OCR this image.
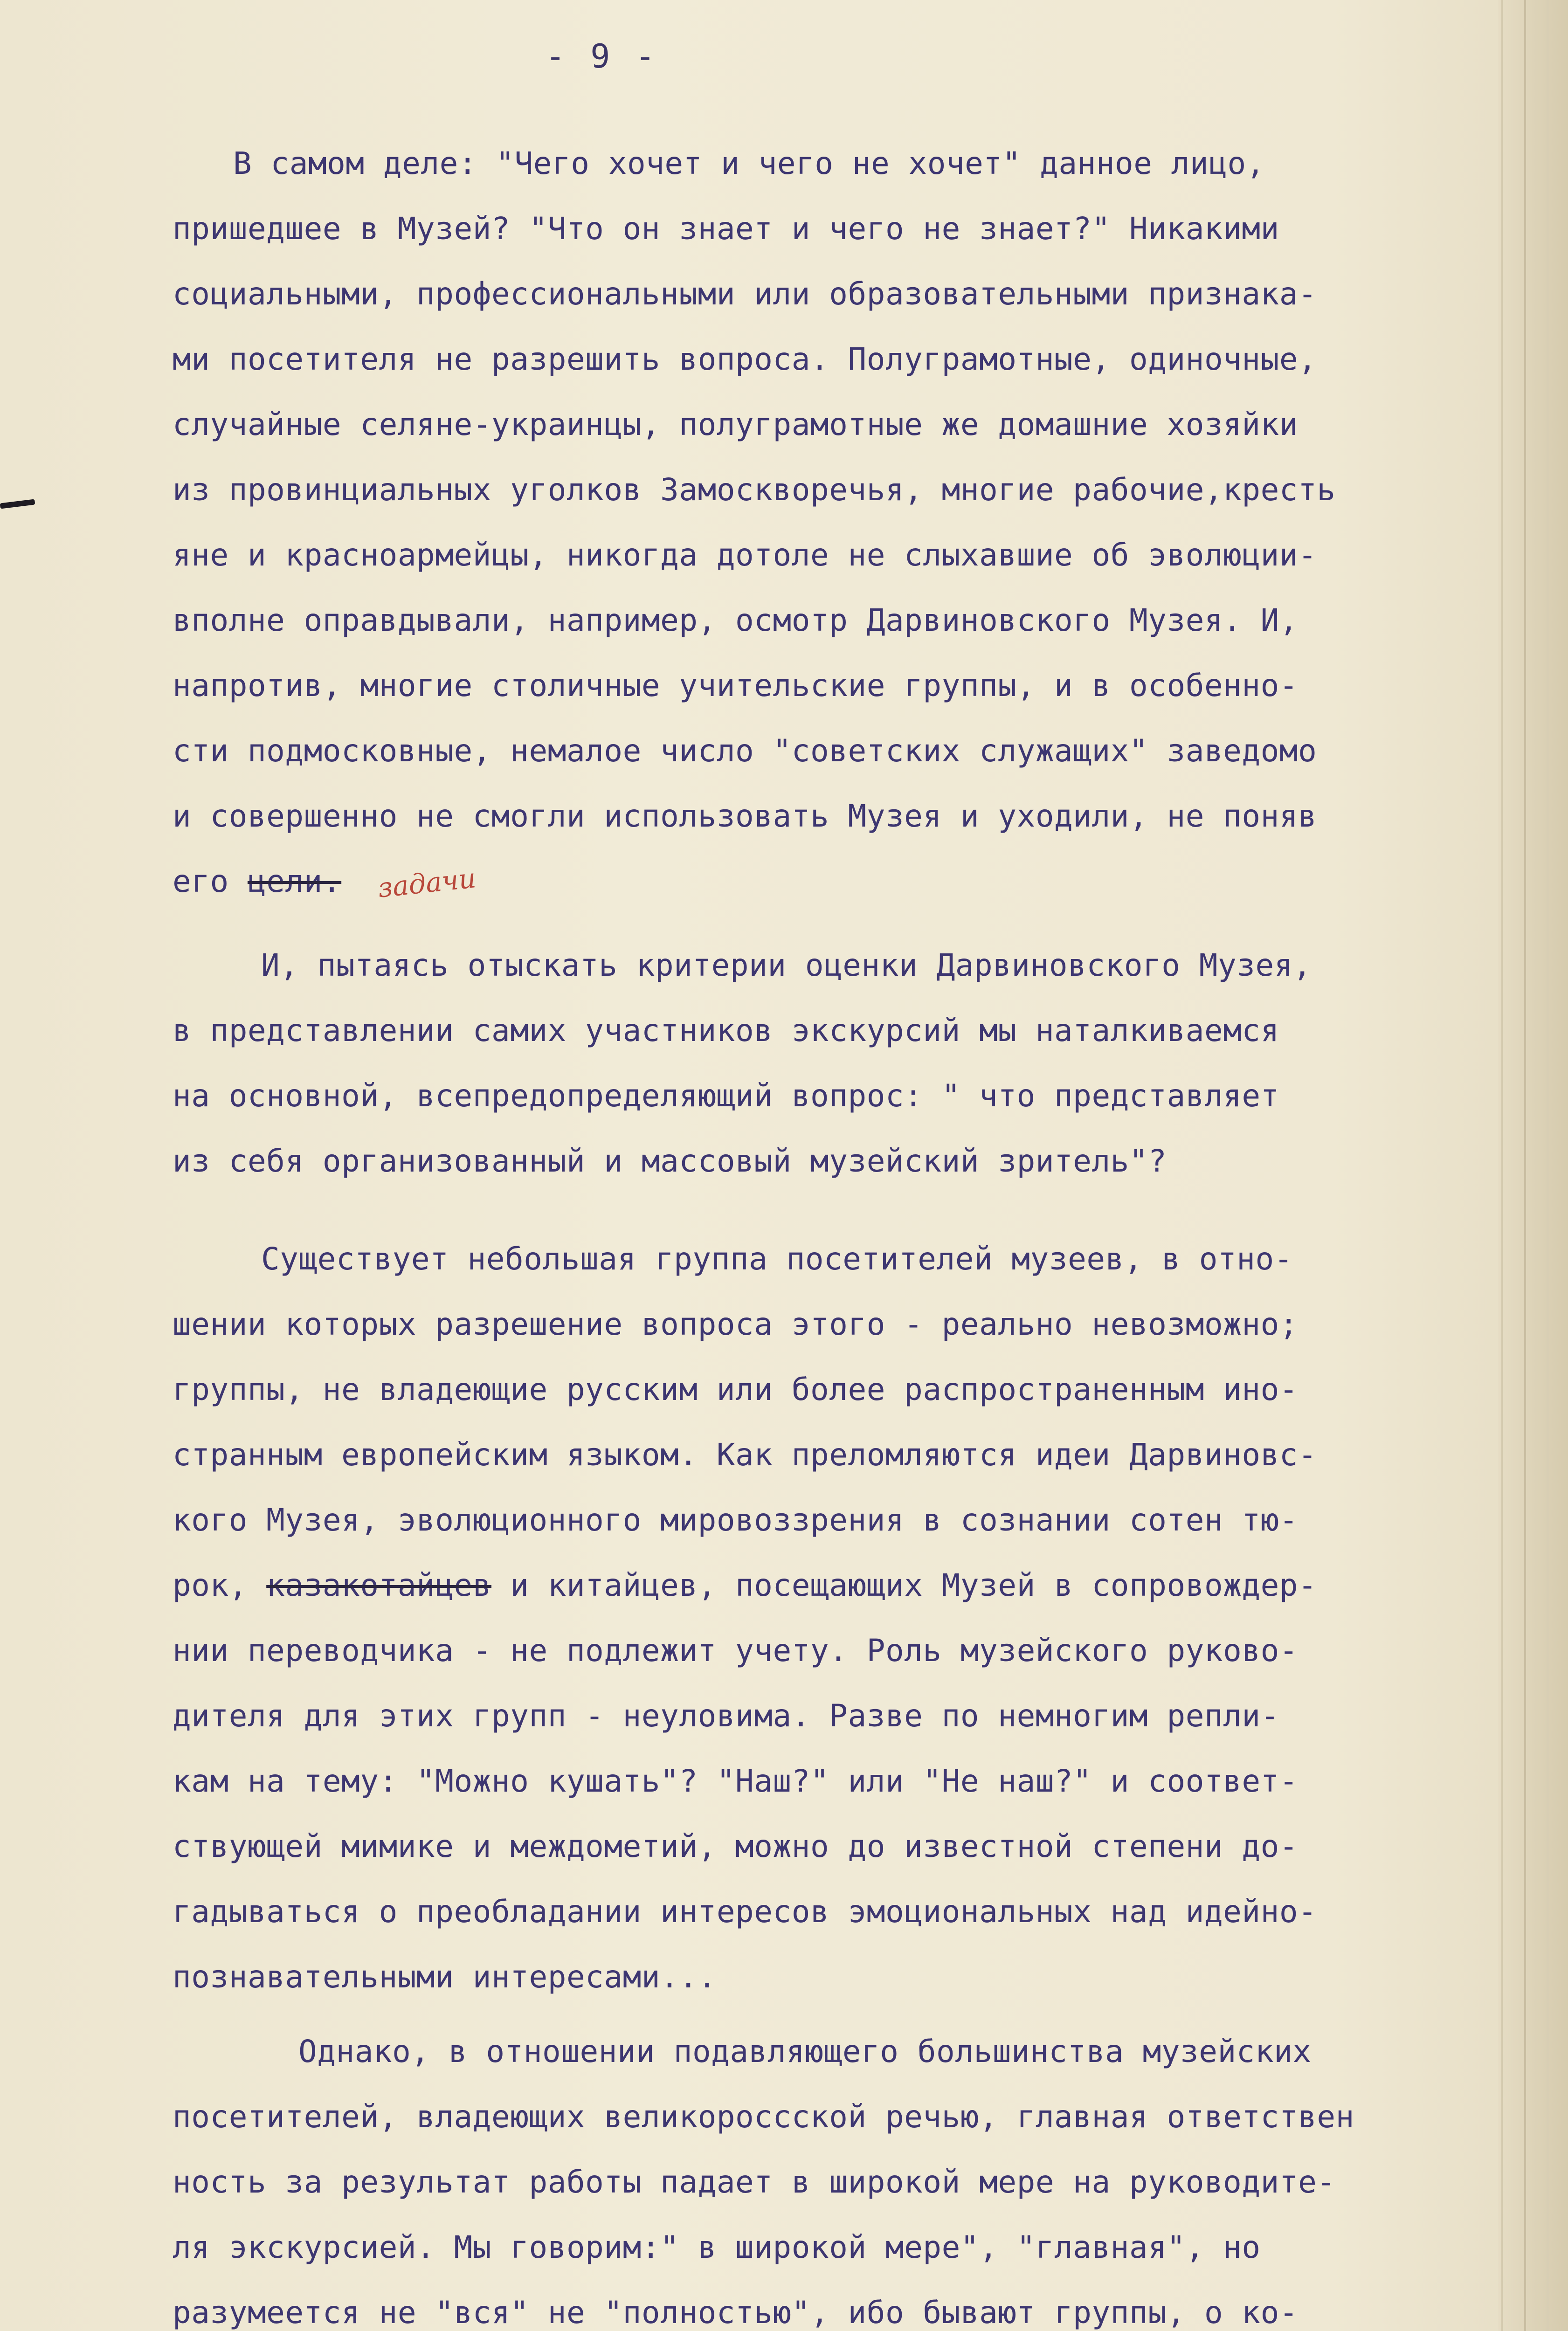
- 9 -
В самом деле: "Чего хочет и чего не хочет" данное лицо,
пришедшее в Музей? "Что он знает и чего не знает?" Никакими
социальными, профессиональными или образовательными признака-
ми посетителя не разрешить вопроса. Полуграмотные, одиночные,
случайные селяне-украинцы, полуграмотные же домашние хозяйки
из провинциальных уголков Замоскворечья, многие рабочие,кресть
яне и красноармейцы, никогда дотоле не слыхавшие об эволюции-
вполне оправдывали, например, осмотр Дарвиновского Музея. И,
напротив, многие столичные учительские группы, и в особенно-
сти подмосковные, немалое число "советских служащих" заведомо
и совершенно не смогли использовать Музея и уходили, не поняв
его цели. задачи
И, пытаясь отыскать критерии оценки Дарвиновского Музея,
в представлении самих участников экскурсий мы наталкиваемся
на основной, всепредопределяющий вопрос: " что представляет
из себя организованный и массовый музейский зритель"?
Существует небольшая группа посетителей музеев, в отно-
шении которых разрешение вопроса этого - реально невозможно;
группы, не владеющие русским или более распространенным ино-
странным европейским языком. Как преломляются идеи Дарвиновс-
кого Музея, эволюционного мировоззрения в сознании сотен тю-
рок, казакотайцев и китайцев, посещающих Музей в сопровождер-
нии переводчика - не подлежит учету. Роль музейского руково-
дителя для этих групп - неуловима. Разве по немногим репли-
кам на тему: "Можно кушать"? "Наш?" или "Не наш?" и соответ-
ствующей мимике и междометий, можно до известной степени до-
гадываться о преобладании интересов эмоциональных над идейно-
познавательными интересами...
Однако, в отношении подавляющего большинства музейских
посетителей, владеющих великороссской речью, главная ответствен
ность за результат работы падает в широкой мере на руководите-
ля экскурсией. Мы говорим:" в широкой мере", "главная", но
разумеется не "вся" не "полностью", ибо бывают группы, о ко-
